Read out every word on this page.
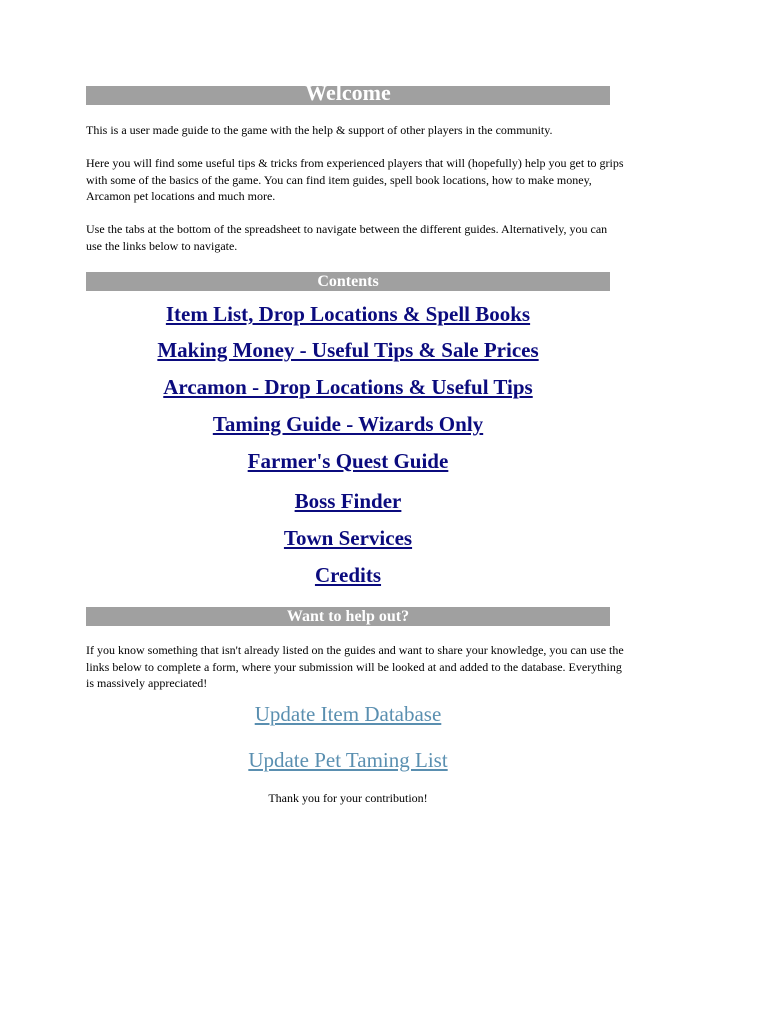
Welcome

This is a user made guide to the game with the help & support of other players in the community.

Here you will find some useful tips & tricks from experienced players that will (hopefully) help you get to grips with some of the basics of the game. You can find item guides, spell book locations, how to make money, Arcamon pet locations and much more.

Use the tabs at the bottom of the spreadsheet to navigate between the different guides. Alternatively, you can use the links below to navigate.

Contents
Item List, Drop Locations & Spell Books
Making Money - Useful Tips & Sale Prices
Arcamon - Drop Locations & Useful Tips
Taming Guide - Wizards Only
Farmer's Quest Guide
Boss Finder
Town Services
Credits
Want to help out?

If you know something that isn't already listed on the guides and want to share your knowledge, you can use the links below to complete a form, where your submission will be looked at and added to the database. Everything is massively appreciated!

Update Item Database
Update Pet Taming List
Thank you for your contribution!
